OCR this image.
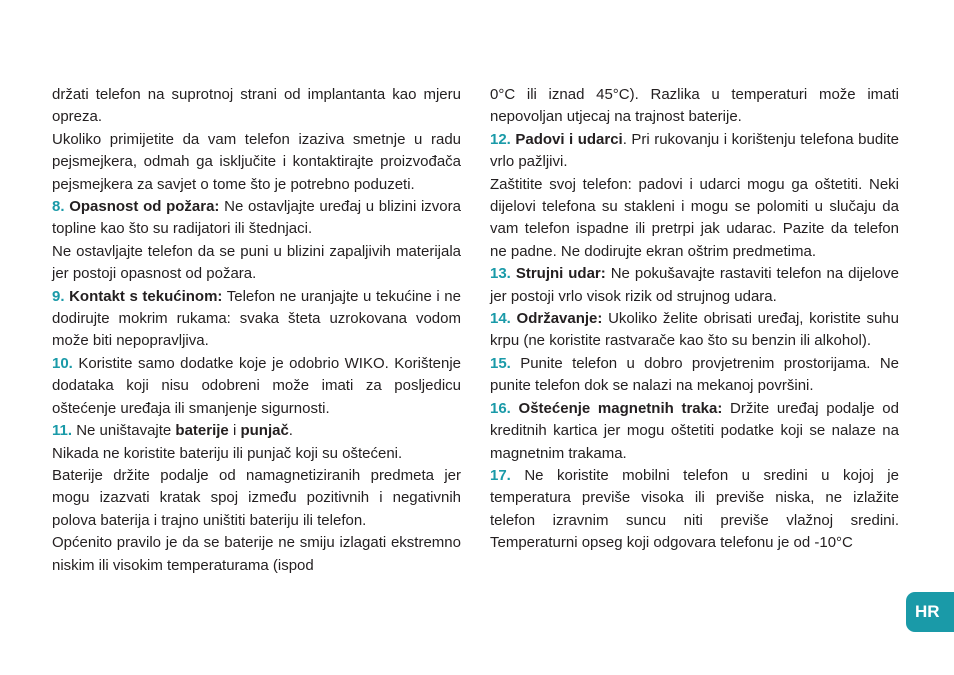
držati telefon na suprotnoj strani od implantanta kao mjeru opreza.

Ukoliko primijetite da vam telefon izaziva smetnje u radu pejsmejkera, odmah ga isključite i kontaktirajte proizvođača pejsmejkera za savjet o tome što je potrebno poduzeti.

8. Opasnost od požara: Ne ostavljajte uređaj u blizini izvora topline kao što su radijatori ili štednjaci.

Ne ostavljajte telefon da se puni u blizini zapaljivih materijala jer postoji opasnost od požara.

9. Kontakt s tekućinom: Telefon ne uranjajte u tekućine i ne dodirujte mokrim rukama: svaka šteta uzrokovana vodom može biti nepopravljiva.

10. Koristite samo dodatke koje je odobrio WIKO. Korištenje dodataka koji nisu odobreni može imati za posljedicu oštećenje uređaja ili smanjenje sigurnosti.

11. Ne uništavajte baterije i punjač.

Nikada ne koristite bateriju ili punjač koji su oštećeni.

Baterije držite podalje od namagnetiziranih predmeta jer mogu izazvati kratak spoj između pozitivnih i negativnih polova baterija i trajno uništiti bateriju ili telefon.

Općenito pravilo je da se baterije ne smiju izlagati ekstremno niskim ili visokim temperaturama (ispod

0°C ili iznad 45°C). Razlika u temperaturi može imati nepovoljan utjecaj na trajnost baterije.

12. Padovi i udarci. Pri rukovanju i korištenju telefona budite vrlo pažljivi.

Zaštitite svoj telefon: padovi i udarci mogu ga oštetiti. Neki dijelovi telefona su stakleni i mogu se polomiti u slučaju da vam telefon ispadne ili pretrpi jak udarac. Pazite da telefon ne padne. Ne dodirujte ekran oštrim predmetima.

13. Strujni udar: Ne pokušavajte rastaviti telefon na dijelove jer postoji vrlo visok rizik od strujnog udara.

14. Održavanje: Ukoliko želite obrisati uređaj, koristite suhu krpu (ne koristite rastvarače kao što su benzin ili alkohol).

15. Punite telefon u dobro provjetrenim prostorijama. Ne punite telefon dok se nalazi na mekanoj površini.

16. Oštećenje magnetnih traka: Držite uređaj podalje od kreditnih kartica jer mogu oštetiti podatke koji se nalaze na magnetnim trakama.

17. Ne koristite mobilni telefon u sredini u kojoj je temperatura previše visoka ili previše niska, ne izlažite telefon izravnim suncu niti previše vlažnoj sredini. Temperaturni opseg koji odgovara telefonu je od -10°C

HR
